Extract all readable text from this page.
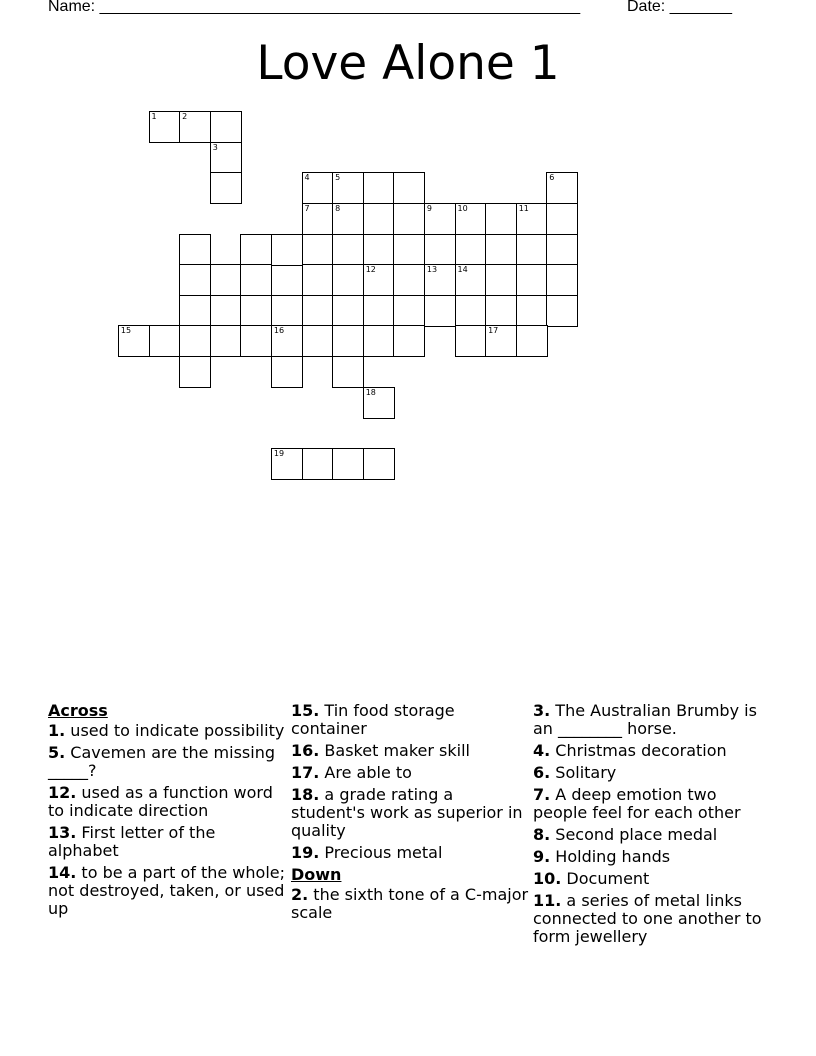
Name: ______________________________________________________	Date: _______
Love Alone 1
1	2
3
4	5	6
7	8	9	10	11
12	13	14
15	16	17
18
19
Across
1. used to indicate possibility
5. Cavemen are the missing _____?
12. used as a function word to indicate direction
13. First letter of the alphabet
14. to be a part of the whole; not destroyed, taken, or used up
15. Tin food storage container
16. Basket maker skill
17. Are able to
18. a grade rating a student's work as superior in quality
19. Precious metal
Down
2. the sixth tone of a C-major scale
3. The Australian Brumby is an ________ horse.
4. Christmas decoration
6. Solitary
7. A deep emotion two people feel for each other
8. Second place medal
9. Holding hands
10. Document
11. a series of metal links connected to one another to form jewellery
